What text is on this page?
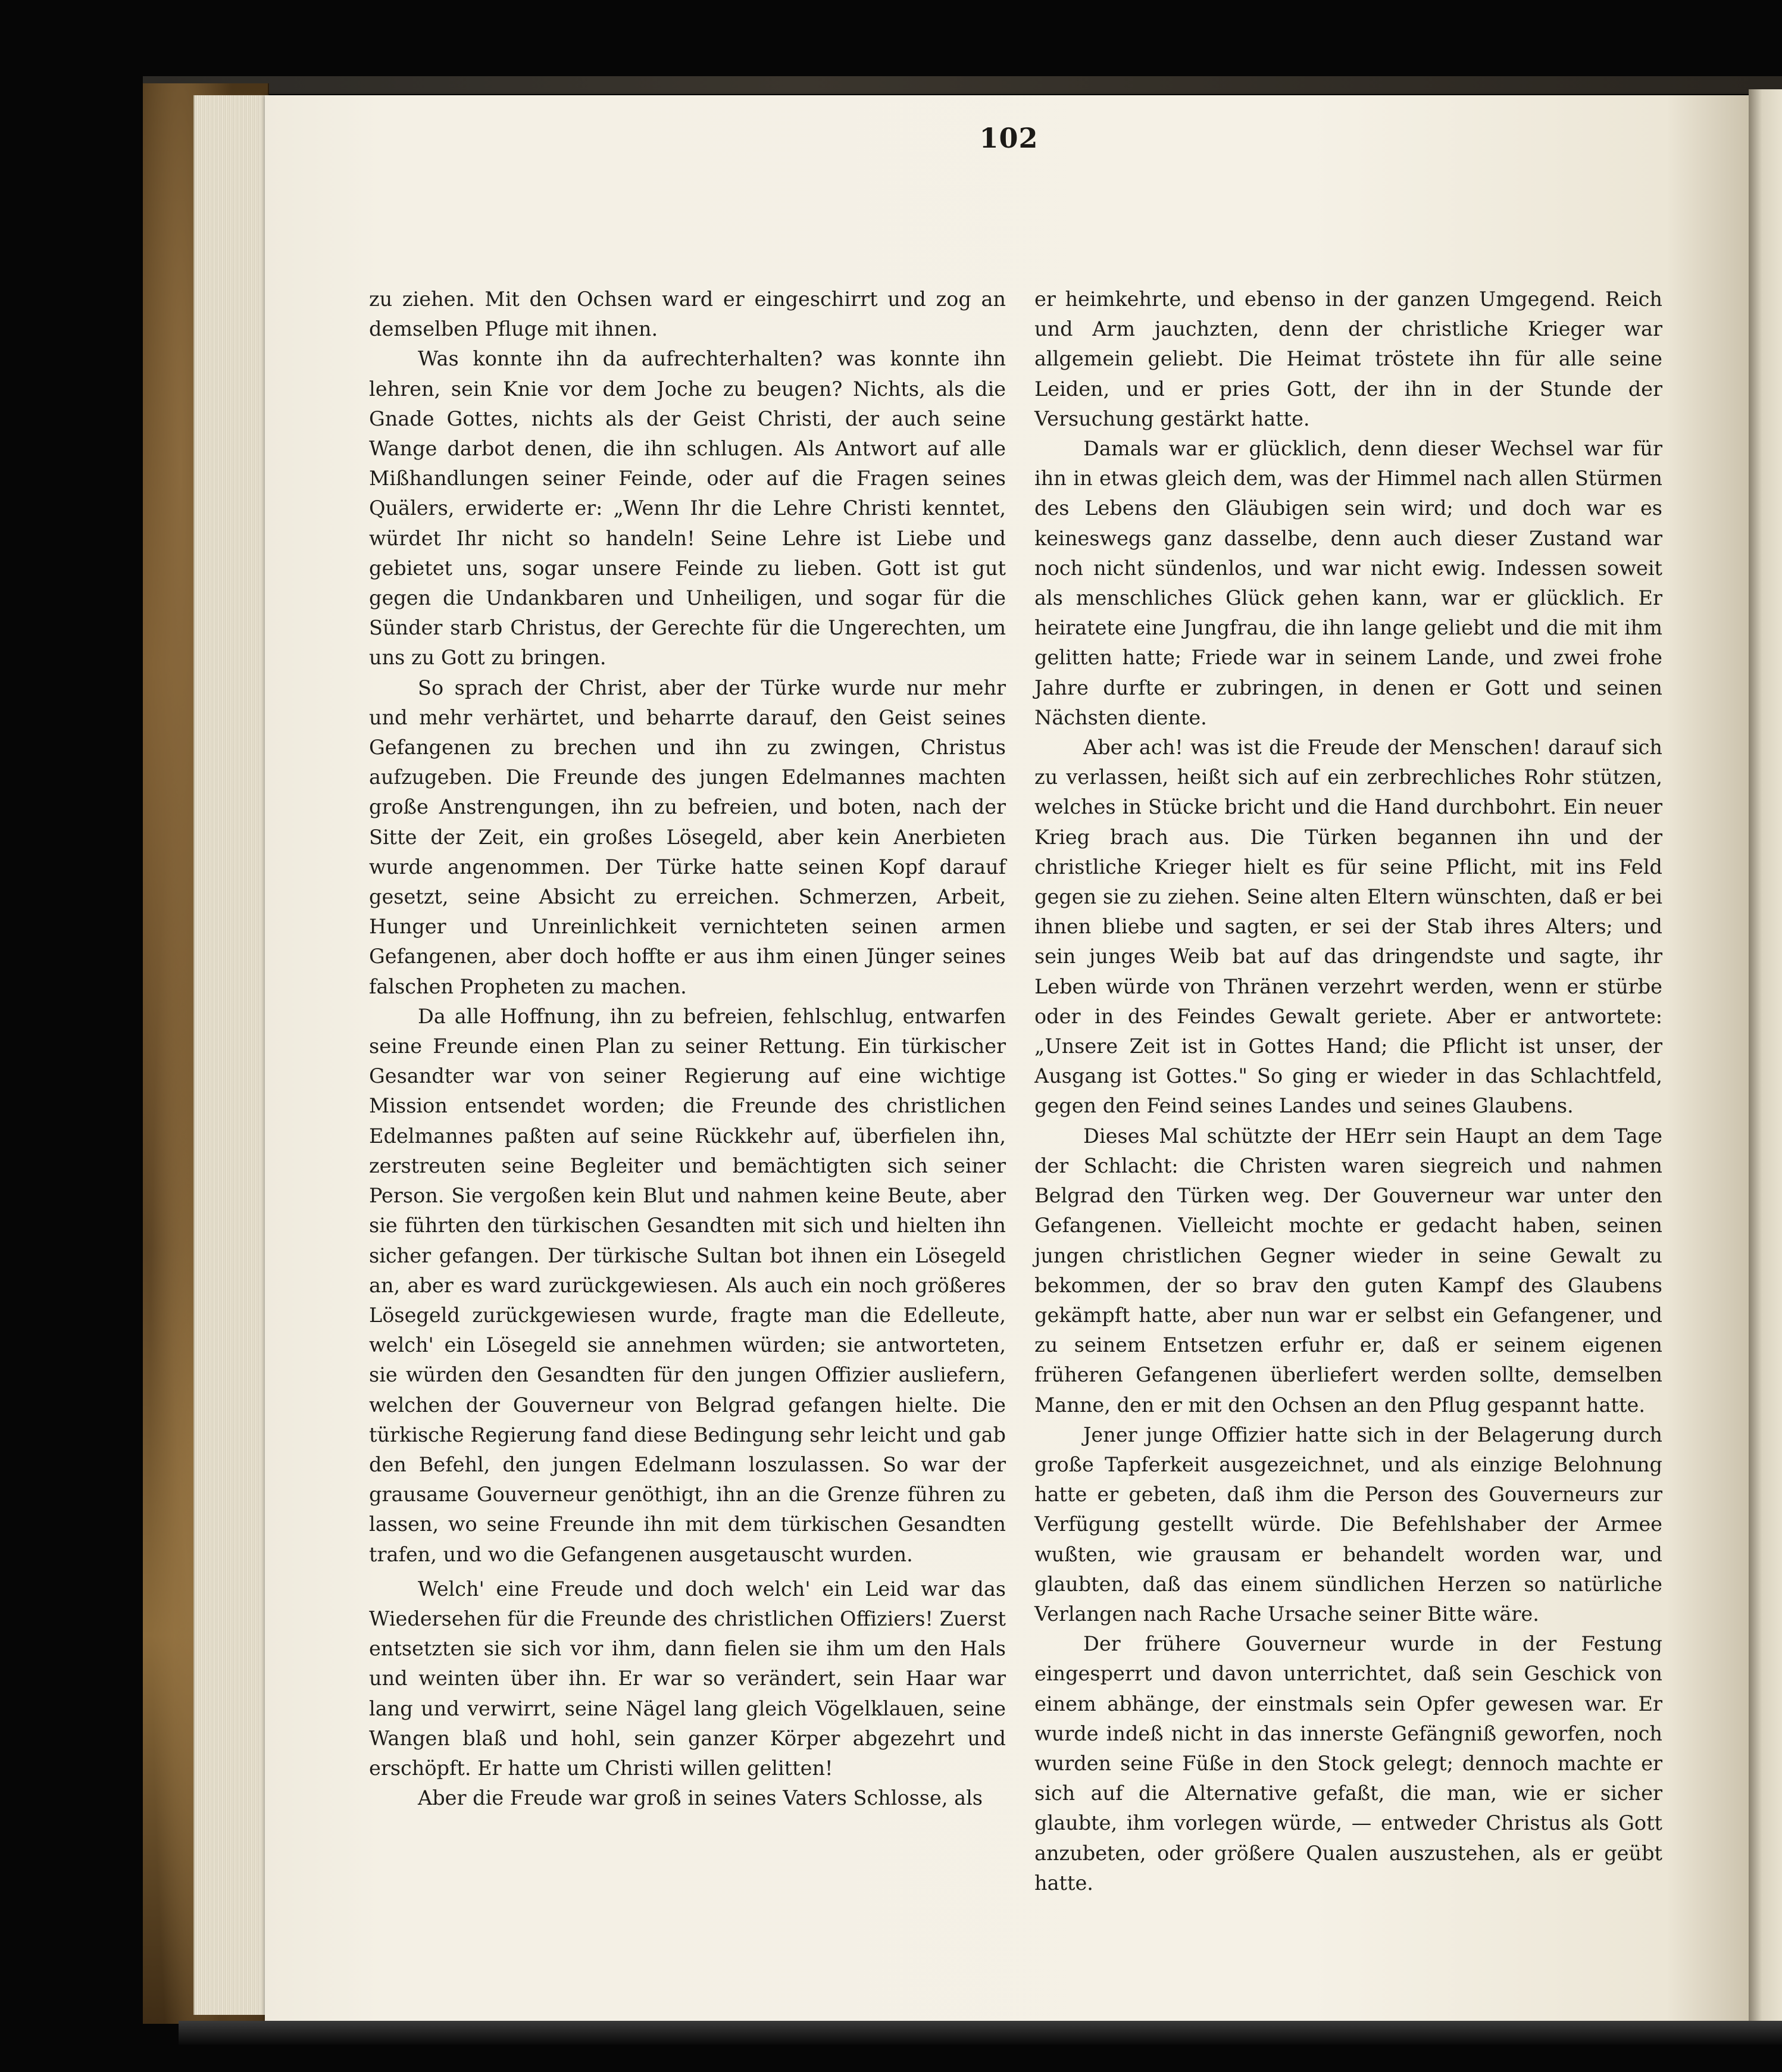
102

zu ziehen. Mit den Ochsen ward er eingeschirrt und zog an demselben Pfluge mit ihnen.

Was konnte ihn da aufrechterhalten? was konnte ihn lehren, sein Knie vor dem Joche zu beugen? Nichts, als die Gnade Gottes, nichts als der Geist Christi, der auch seine Wange darbot denen, die ihn schlugen. Als Antwort auf alle Mißhandlungen seiner Feinde, oder auf die Fragen seines Quälers, erwiderte er: „Wenn Ihr die Lehre Christi kenntet, würdet Ihr nicht so handeln! Seine Lehre ist Liebe und gebietet uns, sogar unsere Feinde zu lieben. Gott ist gut gegen die Undankbaren und Unheiligen, und sogar für die Sünder starb Christus, der Gerechte für die Ungerechten, um uns zu Gott zu bringen.

So sprach der Christ, aber der Türke wurde nur mehr und mehr verhärtet, und beharrte darauf, den Geist seines Gefangenen zu brechen und ihn zu zwingen, Christus aufzugeben. Die Freunde des jungen Edelmannes machten große Anstrengungen, ihn zu befreien, und boten, nach der Sitte der Zeit, ein großes Lösegeld, aber kein Anerbieten wurde angenommen. Der Türke hatte seinen Kopf darauf gesetzt, seine Absicht zu erreichen. Schmerzen, Arbeit, Hunger und Unreinlichkeit vernichteten seinen armen Gefangenen, aber doch hoffte er aus ihm einen Jünger seines falschen Propheten zu machen.

Da alle Hoffnung, ihn zu befreien, fehlschlug, entwarfen seine Freunde einen Plan zu seiner Rettung. Ein türkischer Gesandter war von seiner Regierung auf eine wichtige Mission entsendet worden; die Freunde des christlichen Edelmannes paßten auf seine Rückkehr auf, überfielen ihn, zerstreuten seine Begleiter und bemächtigten sich seiner Person. Sie vergoßen kein Blut und nahmen keine Beute, aber sie führten den türkischen Gesandten mit sich und hielten ihn sicher gefangen. Der türkische Sultan bot ihnen ein Lösegeld an, aber es ward zurückgewiesen. Als auch ein noch größeres Lösegeld zurückgewiesen wurde, fragte man die Edelleute, welch' ein Lösegeld sie annehmen würden; sie antworteten, sie würden den Gesandten für den jungen Offizier ausliefern, welchen der Gouverneur von Belgrad gefangen hielte. Die türkische Regierung fand diese Bedingung sehr leicht und gab den Befehl, den jungen Edelmann loszulassen. So war der grausame Gouverneur genöthigt, ihn an die Grenze führen zu lassen, wo seine Freunde ihn mit dem türkischen Gesandten trafen, und wo die Gefangenen ausgetauscht wurden.

Welch' eine Freude und doch welch' ein Leid war das Wiedersehen für die Freunde des christlichen Offiziers! Zuerst entsetzten sie sich vor ihm, dann fielen sie ihm um den Hals und weinten über ihn. Er war so verändert, sein Haar war lang und verwirrt, seine Nägel lang gleich Vögelklauen, seine Wangen blaß und hohl, sein ganzer Körper abgezehrt und erschöpft. Er hatte um Christi willen gelitten!

Aber die Freude war groß in seines Vaters Schlosse, als

er heimkehrte, und ebenso in der ganzen Umgegend. Reich und Arm jauchzten, denn der christliche Krieger war allgemein geliebt. Die Heimat tröstete ihn für alle seine Leiden, und er pries Gott, der ihn in der Stunde der Versuchung gestärkt hatte.

Damals war er glücklich, denn dieser Wechsel war für ihn in etwas gleich dem, was der Himmel nach allen Stürmen des Lebens den Gläubigen sein wird; und doch war es keineswegs ganz dasselbe, denn auch dieser Zustand war noch nicht sündenlos, und war nicht ewig. Indessen soweit als menschliches Glück gehen kann, war er glücklich. Er heiratete eine Jungfrau, die ihn lange geliebt und die mit ihm gelitten hatte; Friede war in seinem Lande, und zwei frohe Jahre durfte er zubringen, in denen er Gott und seinen Nächsten diente.

Aber ach! was ist die Freude der Menschen! darauf sich zu verlassen, heißt sich auf ein zerbrechliches Rohr stützen, welches in Stücke bricht und die Hand durchbohrt. Ein neuer Krieg brach aus. Die Türken begannen ihn und der christliche Krieger hielt es für seine Pflicht, mit ins Feld gegen sie zu ziehen. Seine alten Eltern wünschten, daß er bei ihnen bliebe und sagten, er sei der Stab ihres Alters; und sein junges Weib bat auf das dringendste und sagte, ihr Leben würde von Thränen verzehrt werden, wenn er stürbe oder in des Feindes Gewalt geriete. Aber er antwortete: „Unsere Zeit ist in Gottes Hand; die Pflicht ist unser, der Ausgang ist Gottes." So ging er wieder in das Schlachtfeld, gegen den Feind seines Landes und seines Glaubens.

Dieses Mal schützte der HErr sein Haupt an dem Tage der Schlacht: die Christen waren siegreich und nahmen Belgrad den Türken weg. Der Gouverneur war unter den Gefangenen. Vielleicht mochte er gedacht haben, seinen jungen christlichen Gegner wieder in seine Gewalt zu bekommen, der so brav den guten Kampf des Glaubens gekämpft hatte, aber nun war er selbst ein Gefangener, und zu seinem Entsetzen erfuhr er, daß er seinem eigenen früheren Gefangenen überliefert werden sollte, demselben Manne, den er mit den Ochsen an den Pflug gespannt hatte.

Jener junge Offizier hatte sich in der Belagerung durch große Tapferkeit ausgezeichnet, und als einzige Belohnung hatte er gebeten, daß ihm die Person des Gouverneurs zur Verfügung gestellt würde. Die Befehlshaber der Armee wußten, wie grausam er behandelt worden war, und glaubten, daß das einem sündlichen Herzen so natürliche Verlangen nach Rache Ursache seiner Bitte wäre.

Der frühere Gouverneur wurde in der Festung eingesperrt und davon unterrichtet, daß sein Geschick von einem abhänge, der einstmals sein Opfer gewesen war. Er wurde indeß nicht in das innerste Gefängniß geworfen, noch wurden seine Füße in den Stock gelegt; dennoch machte er sich auf die Alternative gefaßt, die man, wie er sicher glaubte, ihm vorlegen würde, — entweder Christus als Gott anzubeten, oder größere Qualen auszustehen, als er geübt hatte.
